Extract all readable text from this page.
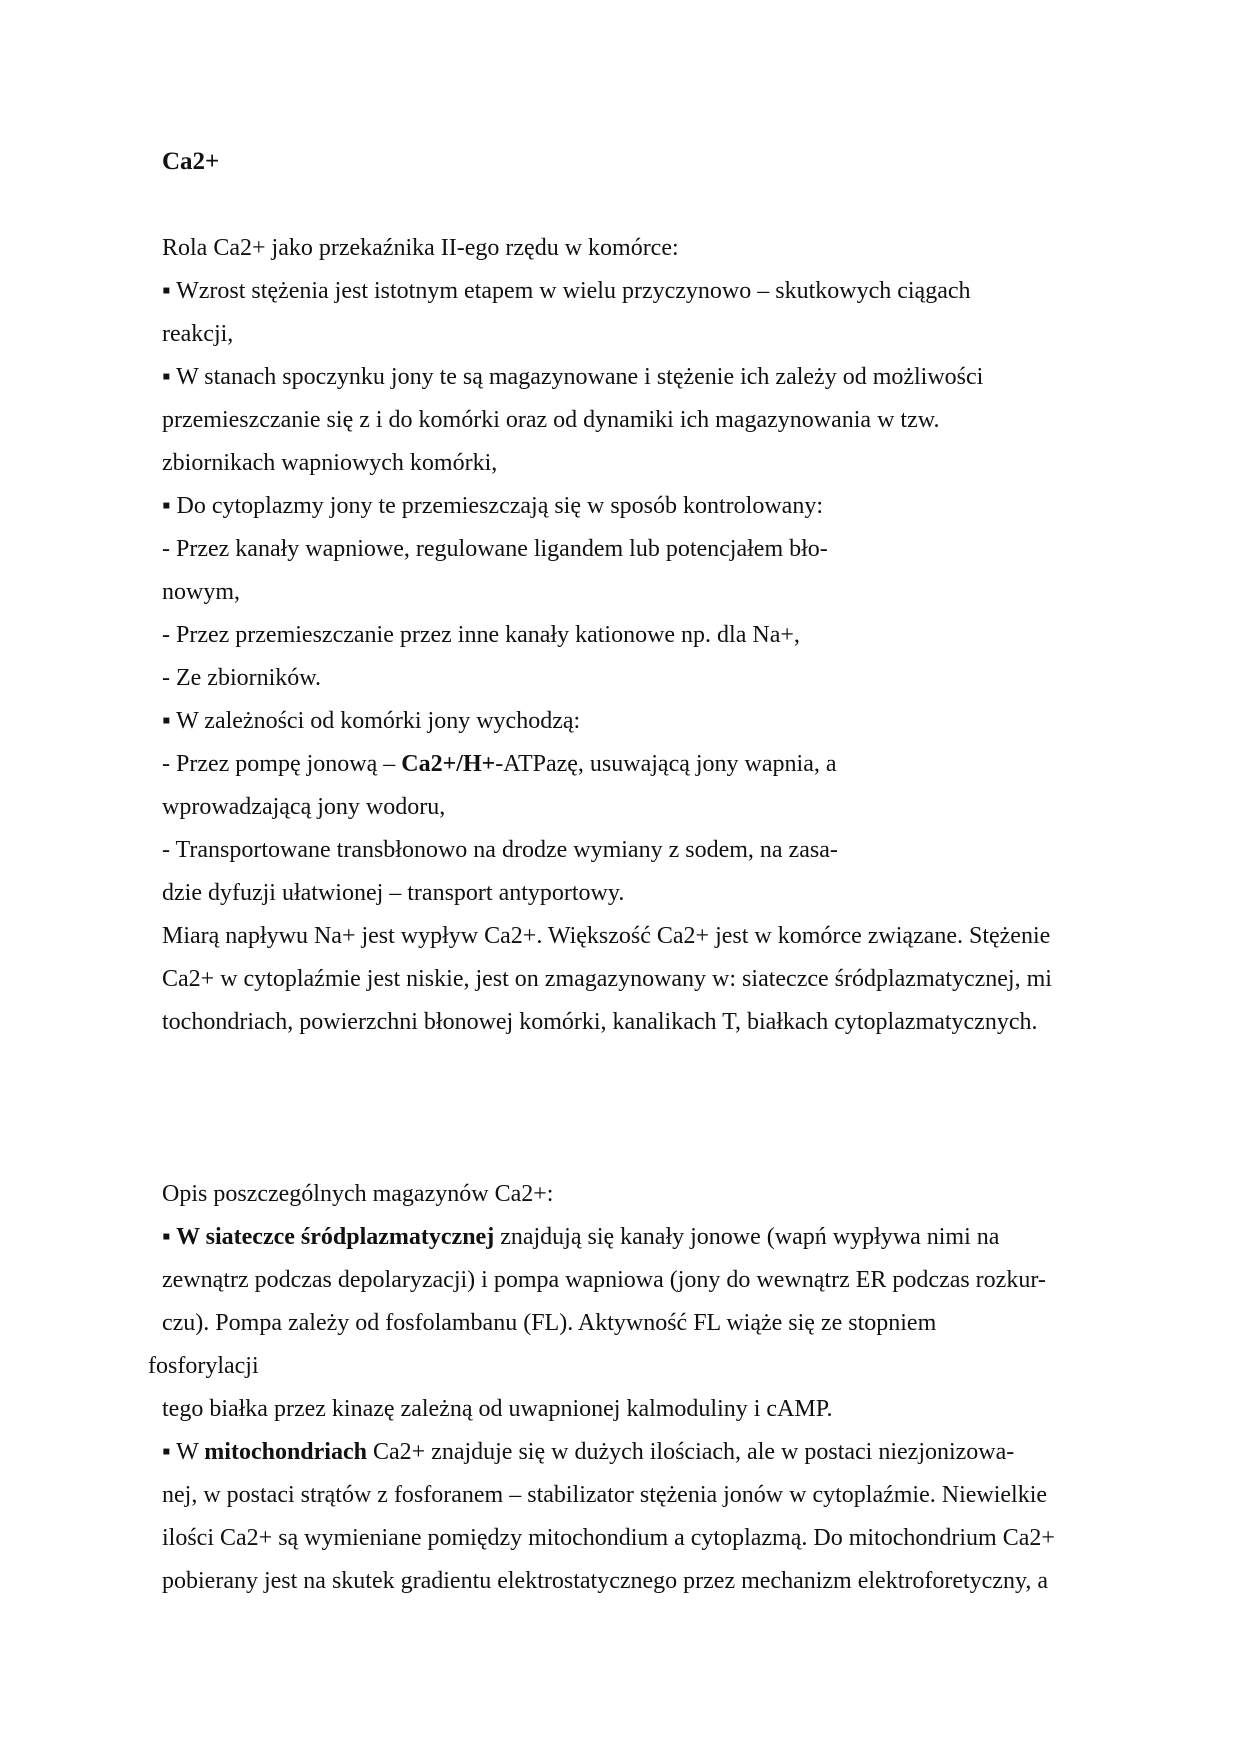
Ca2+

Rola Ca2+ jako przekaźnika II-ego rzędu w komórce:

▪ Wzrost stężenia jest istotnym etapem w wielu przyczynowo – skutkowych ciągach

reakcji,

▪ W stanach spoczynku jony te są magazynowane i stężenie ich zależy od możliwości

przemieszczanie się z i do komórki oraz od dynamiki ich magazynowania w tzw.

zbiornikach wapniowych komórki,

▪ Do cytoplazmy jony te przemieszczają się w sposób kontrolowany:

- Przez kanały wapniowe, regulowane ligandem lub potencjałem bło-

nowym,

- Przez przemieszczanie przez inne kanały kationowe np. dla Na+,

- Ze zbiorników.

▪ W zależności od komórki jony wychodzą:

- Przez pompę jonową – Ca2+/H+-ATPazę, usuwającą jony wapnia, a

wprowadzającą jony wodoru,

- Transportowane transbłonowo na drodze wymiany z sodem, na zasa-

dzie dyfuzji ułatwionej – transport antyportowy.

Miarą napływu Na+ jest wypływ Ca2+. Większość Ca2+ jest w komórce związane. Stężenie

Ca2+ w cytoplaźmie jest niskie, jest on zmagazynowany w: siateczce śródplazmatycznej, mi

tochondriach, powierzchni błonowej komórki, kanalikach T, białkach cytoplazmatycznych.

Opis poszczególnych magazynów Ca2+:

▪ W siateczce śródplazmatycznej znajdują się kanały jonowe (wapń wypływa nimi na

zewnątrz podczas depolaryzacji) i pompa wapniowa (jony do wewnątrz ER podczas rozkur-

czu). Pompa zależy od fosfolambanu (FL). Aktywność FL wiąże się ze stopniem

fosforylacji

tego białka przez kinazę zależną od uwapnionej kalmoduliny i cAMP.

▪ W mitochondriach Ca2+ znajduje się w dużych ilościach, ale w postaci niezjonizowa-

nej, w postaci strątów z fosforanem – stabilizator stężenia jonów w cytoplaźmie. Niewielkie

ilości Ca2+ są wymieniane pomiędzy mitochondium a cytoplazmą. Do mitochondrium Ca2+

pobierany jest na skutek gradientu elektrostatycznego przez mechanizm elektroforetyczny, a
